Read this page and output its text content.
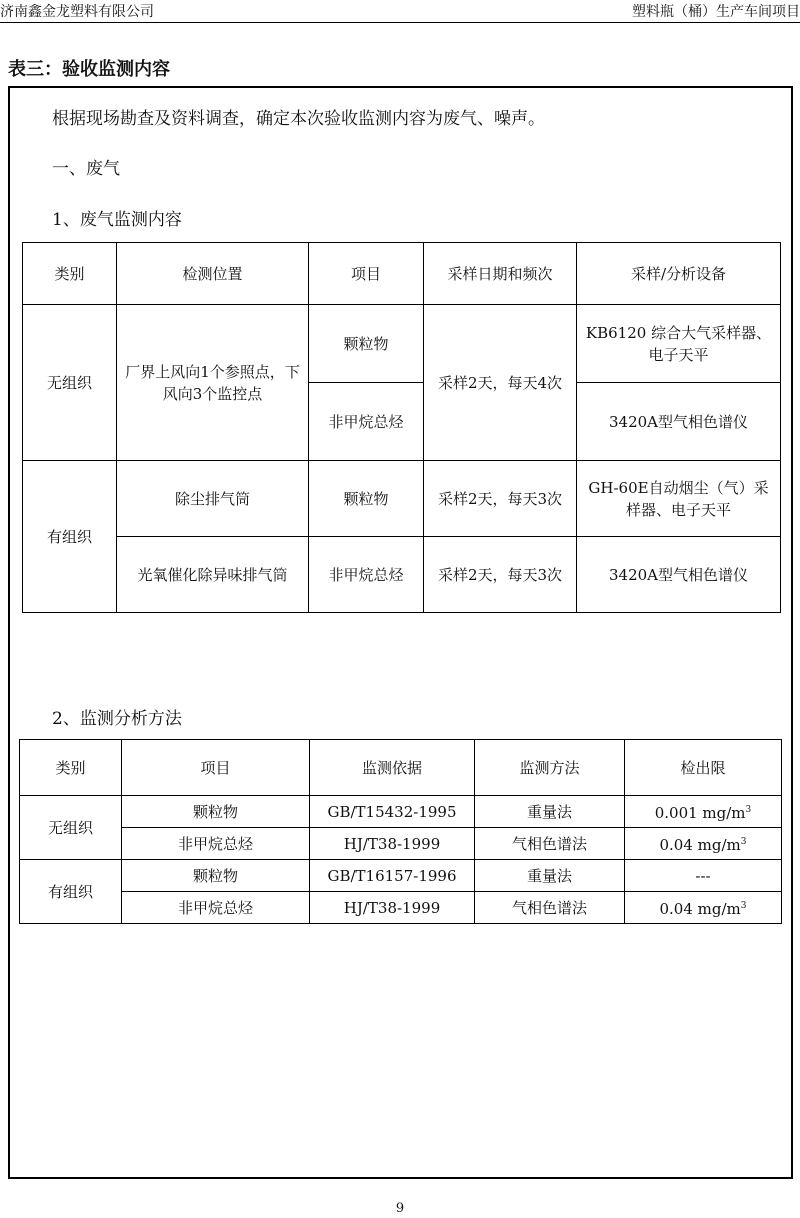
济南鑫金龙塑料有限公司	塑料瓶（桶）生产车间项目
表三：验收监测内容
根据现场勘查及资料调查，确定本次验收监测内容为废气、噪声。
一、废气
1、废气监测内容
类别	检测位置	项目	采样日期和频次	采样/分析设备
无组织	厂界上风向1个参照点，下风向3个监控点	颗粒物	采样2天，每天4次	KB6120 综合大气采样器、电子天平
		非甲烷总烃		3420A型气相色谱仪
有组织	除尘排气筒	颗粒物	采样2天，每天3次	GH-60E自动烟尘（气）采样器、电子天平
	光氧催化除异味排气筒	非甲烷总烃	采样2天，每天3次	3420A型气相色谱仪
2、监测分析方法
类别	项目	监测依据	监测方法	检出限
无组织	颗粒物	GB/T15432-1995	重量法	0.001 $mg/m^3$
	非甲烷总烃	HJ/T38-1999	气相色谱法	0.04 $mg/m^3$
有组织	颗粒物	GB/T16157-1996	重量法	---
	非甲烷总烃	HJ/T38-1999	气相色谱法	0.04 $mg/m^3$
9
